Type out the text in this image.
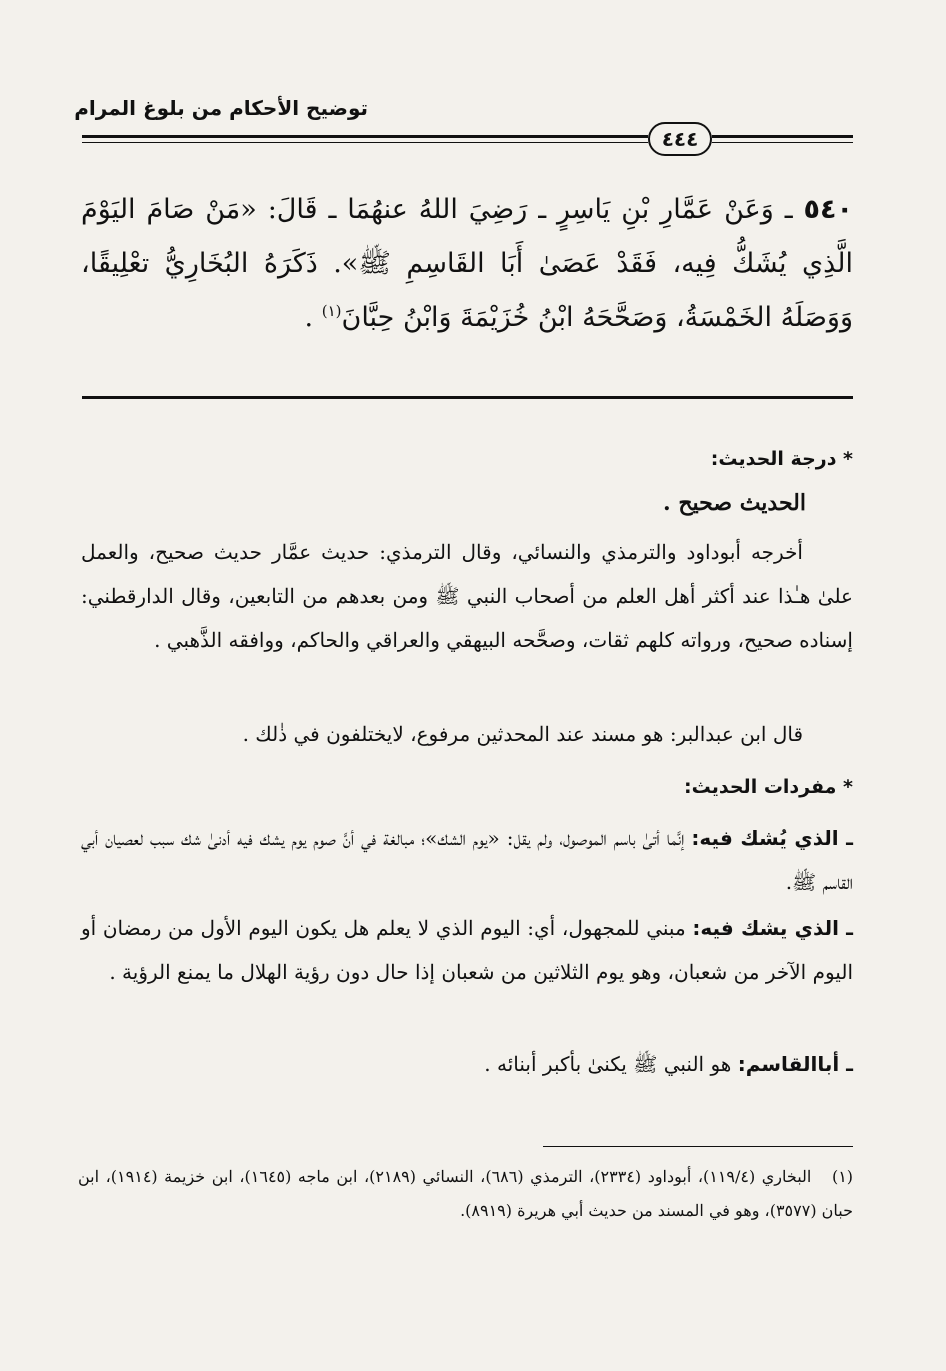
توضيح الأحكام من بلوغ المرام
٤٤٤
٥٤٠ ـ وَعَنْ عَمَّارِ بْنِ يَاسِرٍ ـ رَضِيَ اللهُ عنهُمَا ـ قَالَ: «مَنْ صَامَ اليَوْمَ الَّذِي يُشَكُّ فِيه، فَقَدْ عَصَىٰ أَبَا القَاسِمِ ﷺ». ذَكَرَهُ البُخَارِيُّ تعْلِيقًا، وَوَصَلَهُ الخَمْسَةُ، وَصَحَّحَهُ ابْنُ خُزَيْمَةَ وَابْنُ حِبَّانَ$^{(١)}$ .
* درجة الحديث:
الحديث صحيح .
أخرجه أبوداود والترمذي والنسائي، وقال الترمذي: حديث عمَّار حديث صحيح، والعمل علىٰ هـٰذا عند أكثر أهل العلم من أصحاب النبي ﷺ ومن بعدهم من التابعين، وقال الدارقطني: إسناده صحيح، ورواته كلهم ثقات، وصحَّحه البيهقي والعراقي والحاكم، ووافقه الذَّهبي .
قال ابن عبدالبر: هو مسند عند المحدثين مرفوع، لايختلفون في ذٰلك .
* مفردات الحديث:
ـ الذي يُشك فيه: إنَّما أتىٰ باسم الموصول، ولم يقل: «يوم الشك»؛ مبالغة في أنَّ صوم يوم يشك فيه أدنىٰ شك سبب لعصيان أبي القاسم ﷺ.
ـ الذي يشك فيه: مبني للمجهول، أي: اليوم الذي لا يعلم هل يكون اليوم الأول من رمضان أو اليوم الآخر من شعبان، وهو يوم الثلاثين من شعبان إذا حال دون رؤية الهلال ما يمنع الرؤية .
ـ أباالقاسم: هو النبي ﷺ يكنىٰ بأكبر أبنائه .
(١) البخاري (١١٩/٤)، أبوداود (٢٣٣٤)، الترمذي (٦٨٦)، النسائي (٢١٨٩)، ابن ماجه (١٦٤٥)، ابن خزيمة (١٩١٤)، ابن حبان (٣٥٧٧)، وهو في المسند من حديث أبي هريرة (٨٩١٩).
